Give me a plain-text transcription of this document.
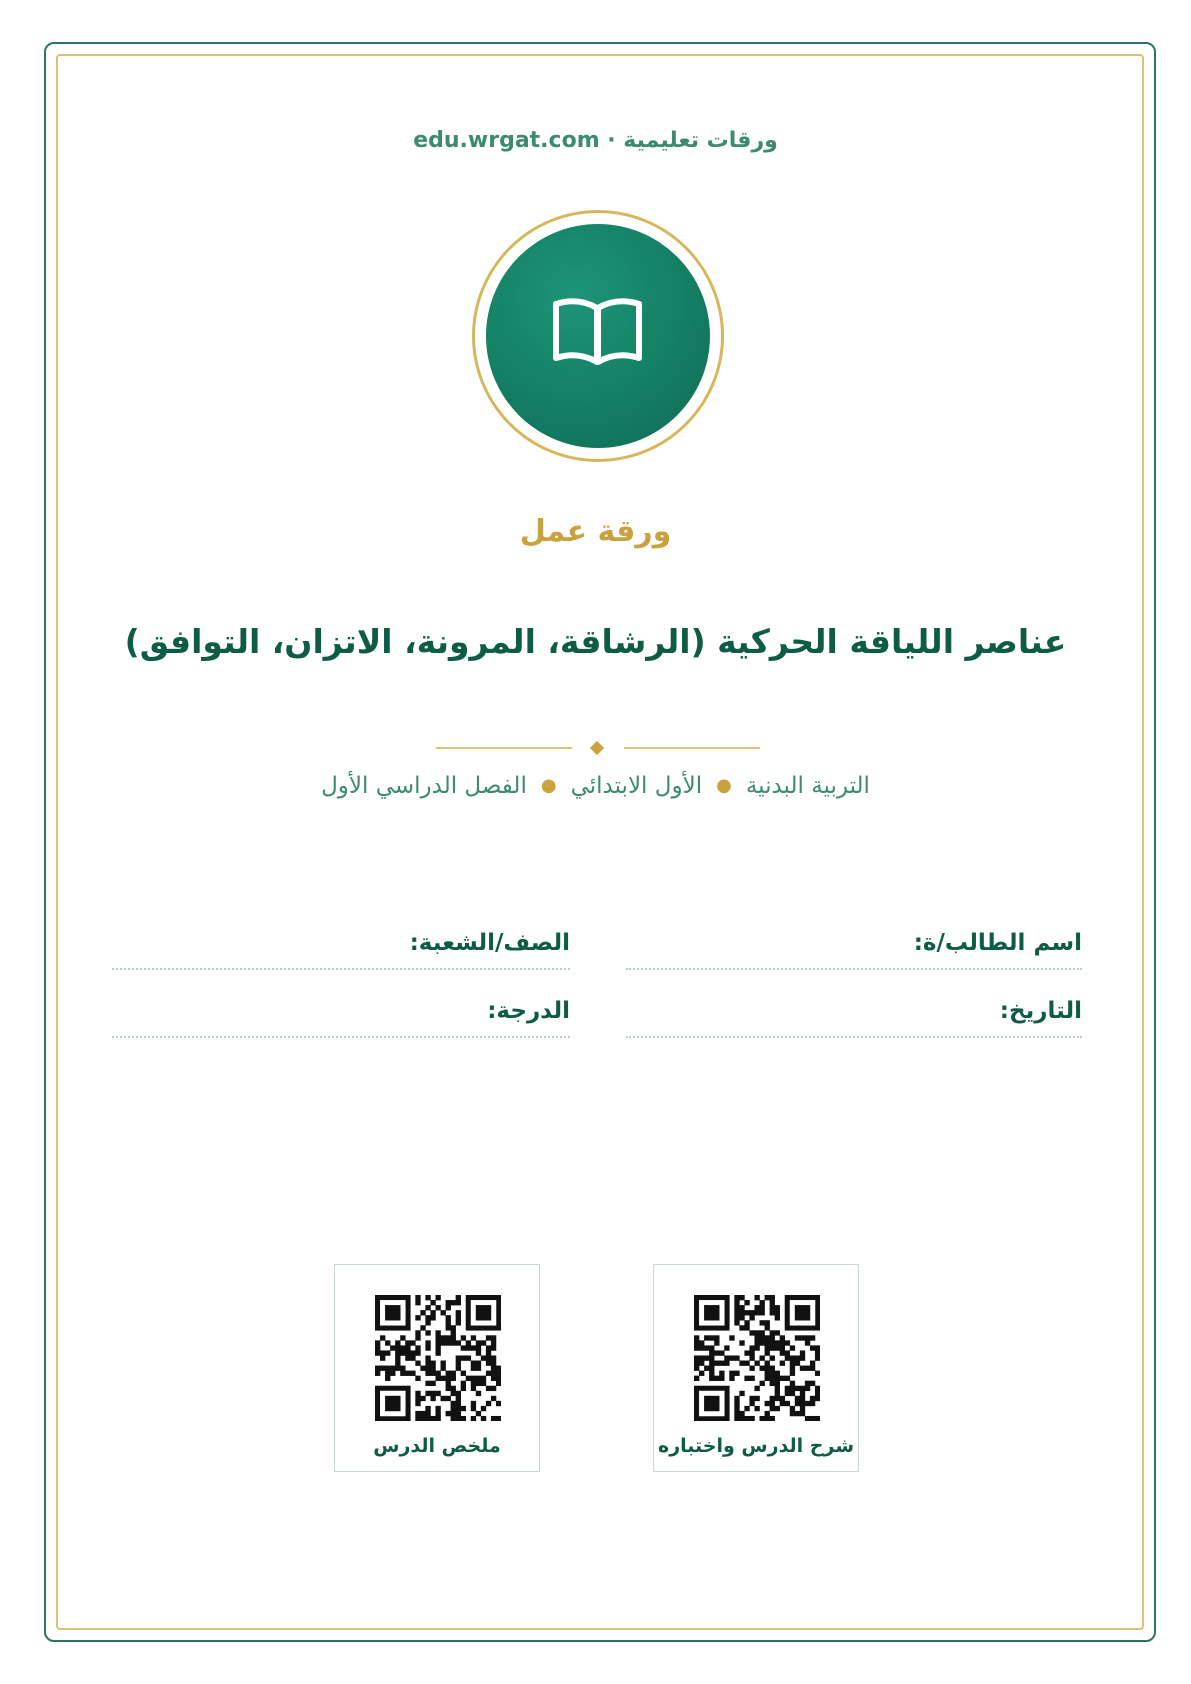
ورقات تعليمية · edu.wrgat.com
ورقة عمل
عناصر اللياقة الحركية (الرشاقة، المرونة، الاتزان، التوافق)
التربية البدنية●الأول الابتدائي●الفصل الدراسي الأول
اسم الطالب/ة:
الصف/الشعبة:
التاريخ:
الدرجة:
شرح الدرس واختباره
ملخص الدرس
